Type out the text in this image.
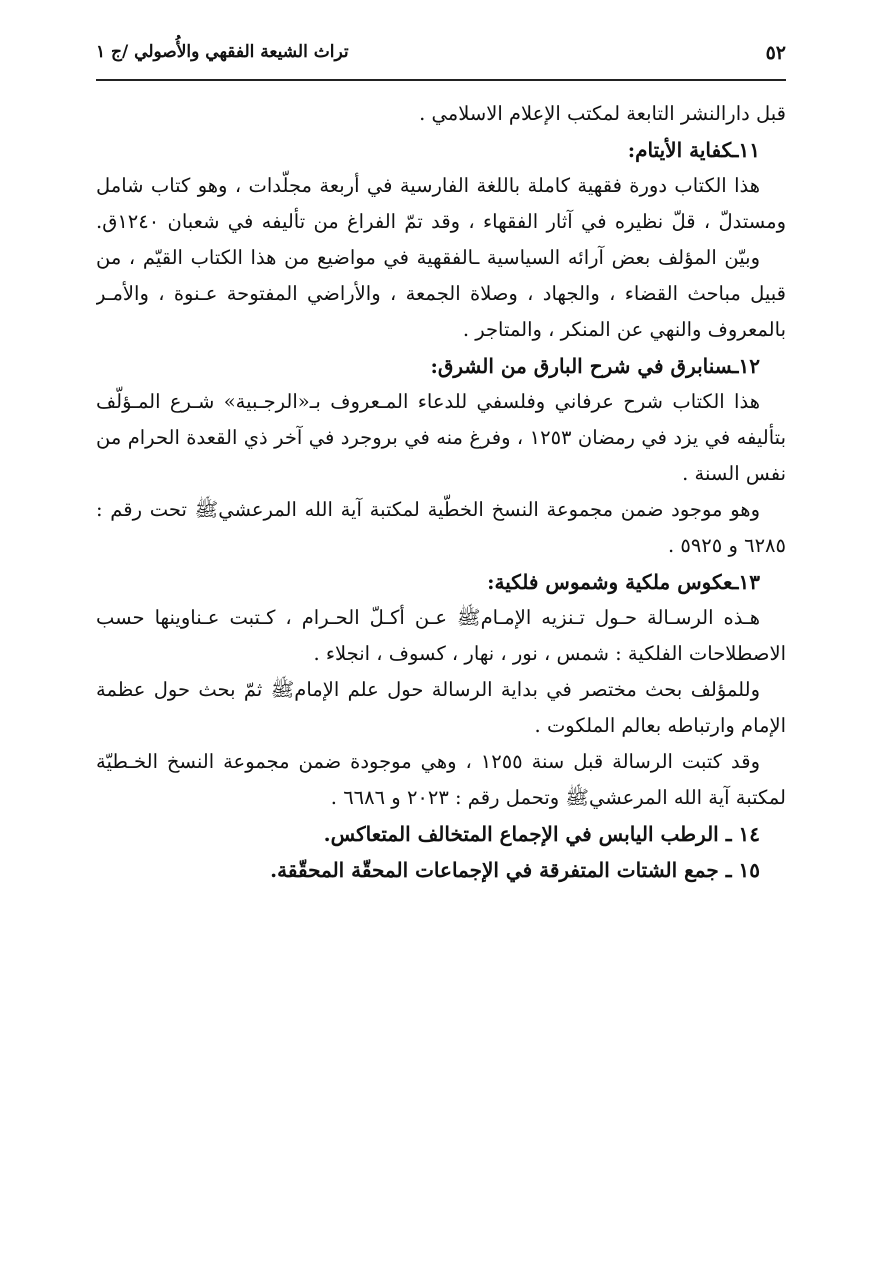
٥٢
تراث الشيعة الفقهي والأُصولي /ج ١
قبل دارالنشر التابعة لمكتب الإعلام الاسلامي .
١١ـكفاية الأيتام:
هذا الكتاب دورة فقهية كاملة باللغة الفارسية في أربعة مجلّدات ، وهو كتاب شامل
ومستدلّ ، قلّ نظيره في آثار الفقهاء ، وقد تمّ الفراغ من تأليفه في شعبان ١٢٤٠ق.
وبيّن المؤلف بعض آرائه السياسية ـالفقهية في مواضيع من هذا الكتاب القيّم ، من
قبيل مباحث القضاء ، والجهاد ، وصلاة الجمعة ، والأراضي المفتوحة عـنوة ، والأمـر
بالمعروف والنهي عن المنكر ، والمتاجر .
١٢ـسنابرق في شرح البارق من الشرق:
هذا الكتاب شرح عرفاني وفلسفي للدعاء المـعروف بـ«الرجـبية» شـرع المـؤلّف
بتأليفه في يزد في رمضان ١٢٥٣ ، وفرغ منه في بروجرد في آخر ذي القعدة الحرام من
نفس السنة .
وهو موجود ضمن مجموعة النسخ الخطّية لمكتبة آية الله المرعشي‌ﷺ تحت رقم :
٦٢٨٥ و ٥٩٢٥ .
١٣ـعكوس ملكية وشموس فلكية:
هـذه الرسـالة حـول تـنزيه الإمـامﷺ عـن أكـلّ الحـرام ، كـتبت عـناوينها حسب
الاصطلاحات الفلكية : شمس ، نور ، نهار ، كسوف ، انجلاء .
وللمؤلف بحث مختصر في بداية الرسالة حول علم الإمامﷺ ثمّ بحث حول عظمة
الإمام وارتباطه بعالم الملكوت .
وقد كتبت الرسالة قبل سنة ١٢٥٥ ، وهي موجودة ضمن مجموعة النسخ الخـطيّة
لمكتبة آية الله المرعشيﷺ وتحمل رقم : ٢٠٢٣ و ٦٦٨٦ .
١٤ ـ الرطب اليابس في الإجماع المتخالف المتعاكس.
١٥ ـ جمع الشتات المتفرقة في الإجماعات المحقّة المحقّقة.
